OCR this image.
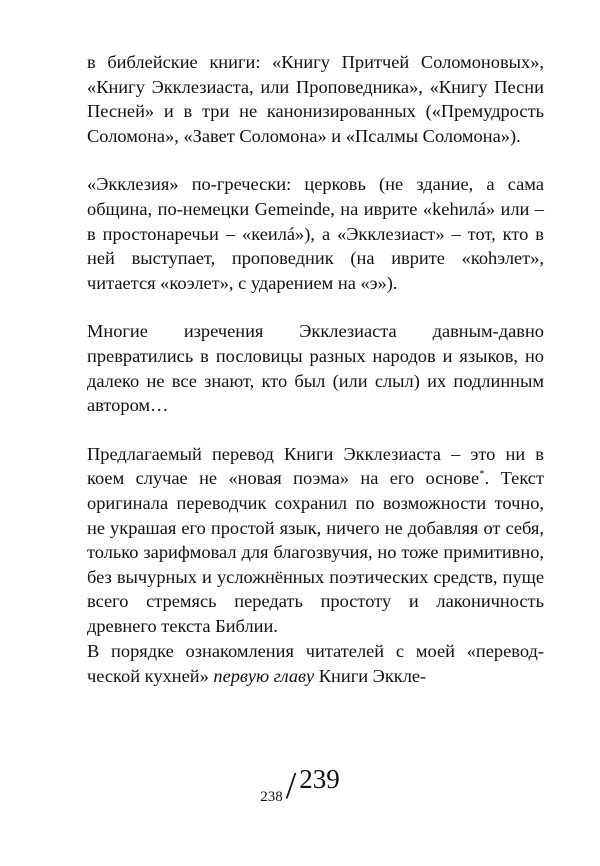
в библейские книги: «Книгу Притчей Соломоновых», «Книгу Экклезиаста, или Проповедника», «Книгу Песни Песней» и в три не канонизированных («Премудрость Соломона», «Завет Соломона» и «Псалмы Соломона»).

«Экклезия» по-гречески: церковь (не здание, а сама община, по-немецки Gemeinde, на иврите «kеhилá» или – в простонаречьи – «кеилá»), а «Экклезиаст» – тот, кто в ней выступает, проповедник (на иврите «коhэлет», читается «коэлет», с ударением на «э»).

Многие изречения Экклезиаста давным-давно превратились в пословицы разных народов и языков, но далеко не все знают, кто был (или слыл) их подлинным автором…

Предлагаемый перевод Книги Экклезиаста – это ни в коем случае не «новая поэма» на его основе*. Текст оригинала переводчик сохранил по возможности точно, не украшая его простой язык, ничего не добавляя от себя, только зарифмовал для благозвучия, но тоже примитивно, без вычурных и усложнённых поэтических средств, пуще всего стремясь передать простоту и лаконичность древнего текста Библии.

В порядке ознакомления читателей с моей «перевод-ческой кухней» первую главу Книги Экклe-

238/ 239
